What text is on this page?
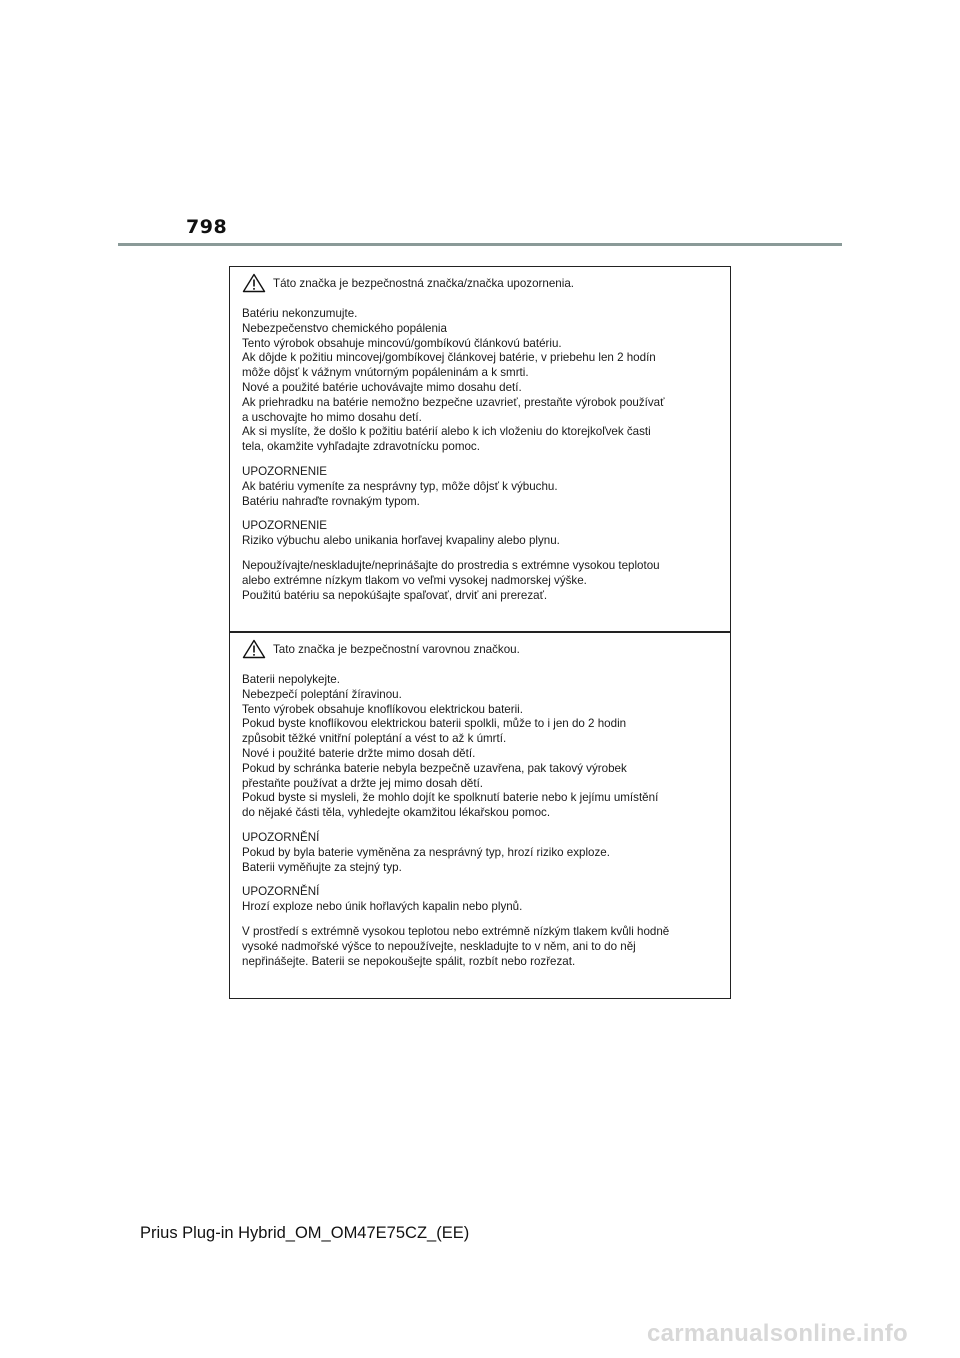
798
Táto značka je bezpečnostná značka/značka upozornenia.

Batériu nekonzumujte.
Nebezpečenstvo chemického popálenia
Tento výrobok obsahuje mincovú/gombíkovú článkovú batériu.
Ak dôjde k požitiu mincovej/gombíkovej článkovej batérie, v priebehu len 2 hodín
môže dôjsť k vážnym vnútorným popáleninám a k smrti.
Nové a použité batérie uchovávajte mimo dosahu detí.
Ak priehradku na batérie nemožno bezpečne uzavrieť, prestaňte výrobok používať
a uschovajte ho mimo dosahu detí.
Ak si myslíte, že došlo k požitiu batérií alebo k ich vloženiu do ktorejkoľvek časti
tela, okamžite vyhľadajte zdravotnícku pomoc.

UPOZORNENIE
Ak batériu vymeníte za nesprávny typ, môže dôjsť k výbuchu.
Batériu nahraďte rovnakým typom.

UPOZORNENIE
Riziko výbuchu alebo unikania horľavej kvapaliny alebo plynu.

Nepoužívajte/neskladujte/neprinášajte do prostredia s extrémne vysokou teplotou
alebo extrémne nízkym tlakom vo veľmi vysokej nadmorskej výške.
Použitú batériu sa nepokúšajte spaľovať, drviť ani prerezať.

Tato značka je bezpečnostní varovnou značkou.

Baterii nepolykejte.
Nebezpečí poleptání žíravinou.
Tento výrobek obsahuje knoflíkovou elektrickou baterii.
Pokud byste knoflíkovou elektrickou baterii spolkli, může to i jen do 2 hodin
způsobit těžké vnitřní poleptání a vést to až k úmrtí.
Nové i použité baterie držte mimo dosah dětí.
Pokud by schránka baterie nebyla bezpečně uzavřena, pak takový výrobek
přestaňte používat a držte jej mimo dosah dětí.
Pokud byste si mysleli, že mohlo dojít ke spolknutí baterie nebo k jejímu umístění
do nějaké části těla, vyhledejte okamžitou lékařskou pomoc.

UPOZORNĚNÍ
Pokud by byla baterie vyměněna za nesprávný typ, hrozí riziko exploze.
Baterii vyměňujte za stejný typ.

UPOZORNĚNÍ
Hrozí exploze nebo únik hořlavých kapalin nebo plynů.

V prostředí s extrémně vysokou teplotou nebo extrémně nízkým tlakem kvůli hodně
vysoké nadmořské výšce to nepoužívejte, neskladujte to v něm, ani to do něj
nepřinášejte. Baterii se nepokoušejte spálit, rozbít nebo rozřezat.

Prius Plug-in Hybrid_OM_OM47E75CZ_(EE)
carmanualsonline.info
